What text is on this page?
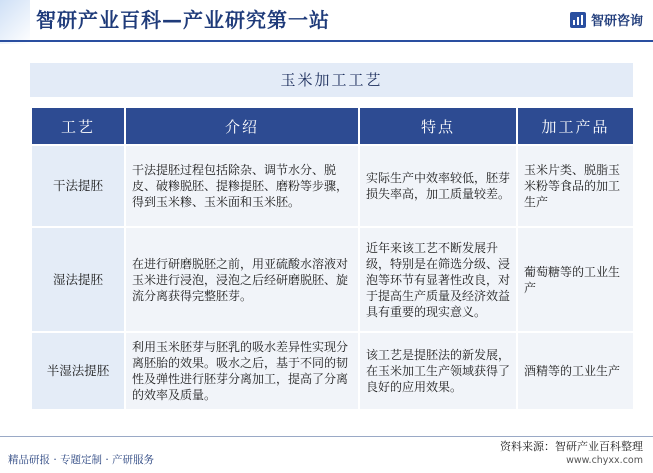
智研产业百科—产业研究第一站	智研咨询
玉米加工工艺
工艺	介绍	特点	加工产品
干法提胚	干法提胚过程包括除杂、调节水分、脱皮、破糁脱胚、提糁提胚、磨粉等步骤，得到玉米糁、玉米面和玉米胚。	实际生产中效率较低，胚芽损失率高，加工质量较差。	玉米片类、脱脂玉米粉等食品的加工生产
湿法提胚	在进行研磨脱胚之前，用亚硫酸水溶液对玉米进行浸泡，浸泡之后经研磨脱胚、旋流分离获得完整胚芽。	近年来该工艺不断发展升级，特别是在筛选分级、浸泡等环节有显著性改良，对于提高生产质量及经济效益具有重要的现实意义。	葡萄糖等的工业生产
半湿法提胚	利用玉米胚芽与胚乳的吸水差异性实现分离胚胎的效果。吸水之后，基于不同的韧性及弹性进行胚芽分离加工，提高了分离的效率及质量。	该工艺是提胚法的新发展，在玉米加工生产领域获得了良好的应用效果。	酒精等的工业生产
资料来源：智研产业百科整理
精品研报 · 专题定制 · 产研服务	www.chyxx.com
